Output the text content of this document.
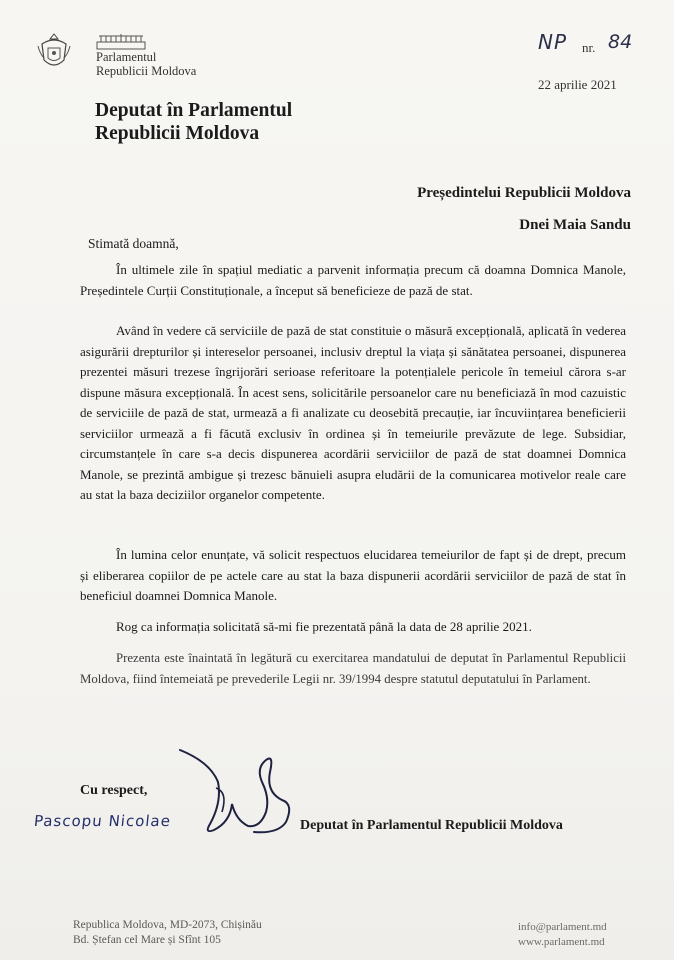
Parlamentul
Republicii Moldova
NP nr. 84
22 aprilie 2021
Deputat în Parlamentul
Republicii Moldova
Președintelui Republicii Moldova
Dnei Maia Sandu
Stimată doamnă,

În ultimele zile în spațiul mediatic a parvenit informația precum că doamna Domnica Manole, Președintele Curții Constituționale, a început să beneficieze de pază de stat.

Având în vedere că serviciile de pază de stat constituie o măsură excepțională, aplicată în vederea asigurării drepturilor și intereselor persoanei, inclusiv dreptul la viața și sănătatea persoanei, dispunerea prezentei măsuri trezese îngrijorări serioase referitoare la potențialele pericole în temeiul cărora s-ar dispune măsura excepțională. În acest sens, solicitările persoanelor care nu beneficiază în mod cazuistic de serviciile de pază de stat, urmează a fi analizate cu deosebită precauție, iar încuviințarea beneficierii serviciilor urmează a fi făcută exclusiv în ordinea și în temeiurile prevăzute de lege. Subsidiar, circumstanțele în care s-a decis dispunerea acordării serviciilor de pază de stat doamnei Domnica Manole, se prezintă ambigue și trezesc bănuieli asupra eludării de la comunicarea motivelor reale care au stat la baza deciziilor organelor competente.

În lumina celor enunțate, vă solicit respectuos elucidarea temeiurilor de fapt și de drept, precum și eliberarea copiilor de pe actele care au stat la baza dispunerii acordării serviciilor de pază de stat în beneficiul doamnei Domnica Manole.

Rog ca informația solicitată să-mi fie prezentată până la data de 28 aprilie 2021.

Prezenta este înaintată în legătură cu exercitarea mandatului de deputat în Parlamentul Republicii Moldova, fiind întemeiată pe prevederile Legii nr. 39/1994 despre statutul deputatului în Parlament.

Cu respect,
Pascopu Nicolae	Deputat în Parlamentul Republicii Moldova
Republica Moldova, MD-2073, Chișinău
Bd. Ștefan cel Mare și Sfînt 105
info@parlament.md
www.parlament.md
